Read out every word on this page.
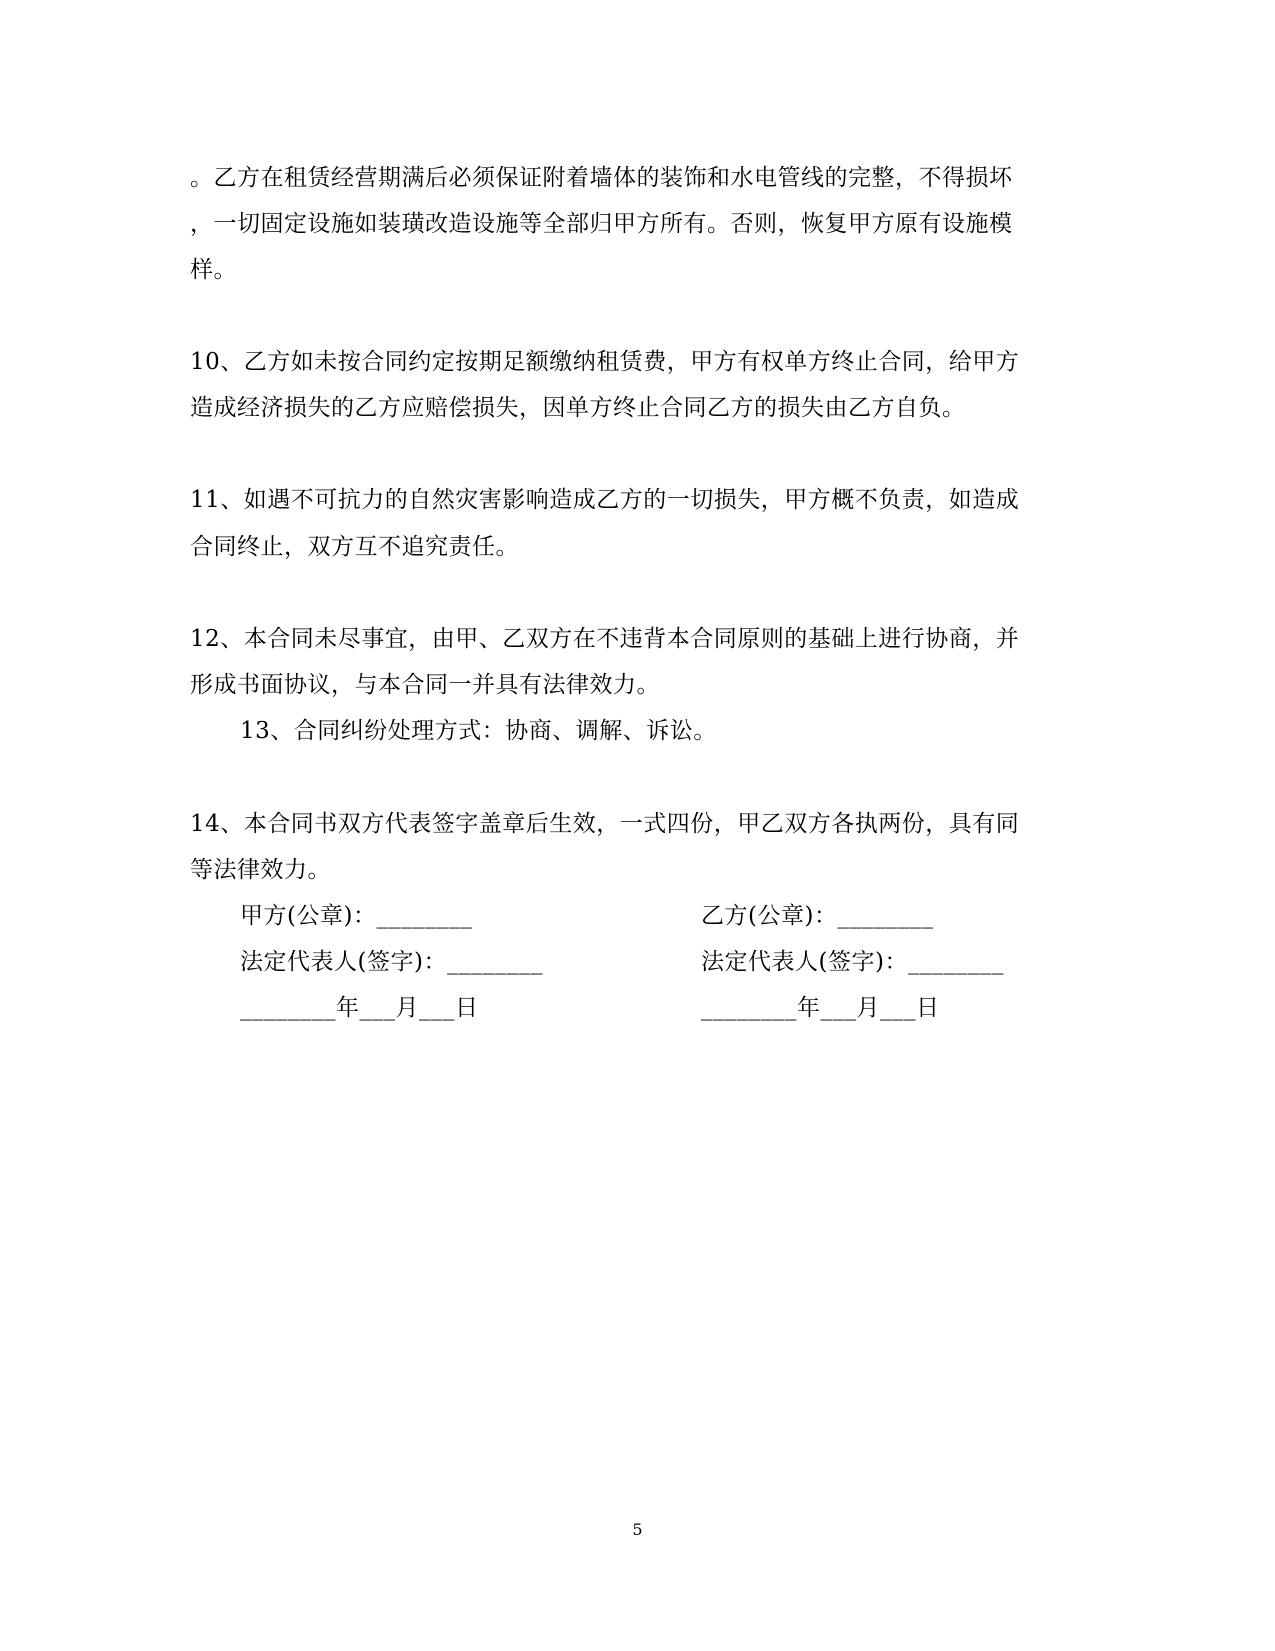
。乙方在租赁经营期满后必须保证附着墙体的装饰和水电管线的完整，不得损坏
，一切固定设施如装璜改造设施等全部归甲方所有。否则，恢复甲方原有设施模
样。
10、乙方如未按合同约定按期足额缴纳租赁费，甲方有权单方终止合同，给甲方
造成经济损失的乙方应赔偿损失，因单方终止合同乙方的损失由乙方自负。
11、如遇不可抗力的自然灾害影响造成乙方的一切损失，甲方概不负责，如造成
合同终止，双方互不追究责任。
12、本合同未尽事宜，由甲、乙双方在不违背本合同原则的基础上进行协商，并
形成书面协议，与本合同一并具有法律效力。
13、合同纠纷处理方式：协商、调解、诉讼。
14、本合同书双方代表签字盖章后生效，一式四份，甲乙双方各执两份，具有同
等法律效力。
甲方(公章)：________	乙方(公章)：________
法定代表人(签字)：________	法定代表人(签字)：________
________年___月___日	________年___月___日
5
